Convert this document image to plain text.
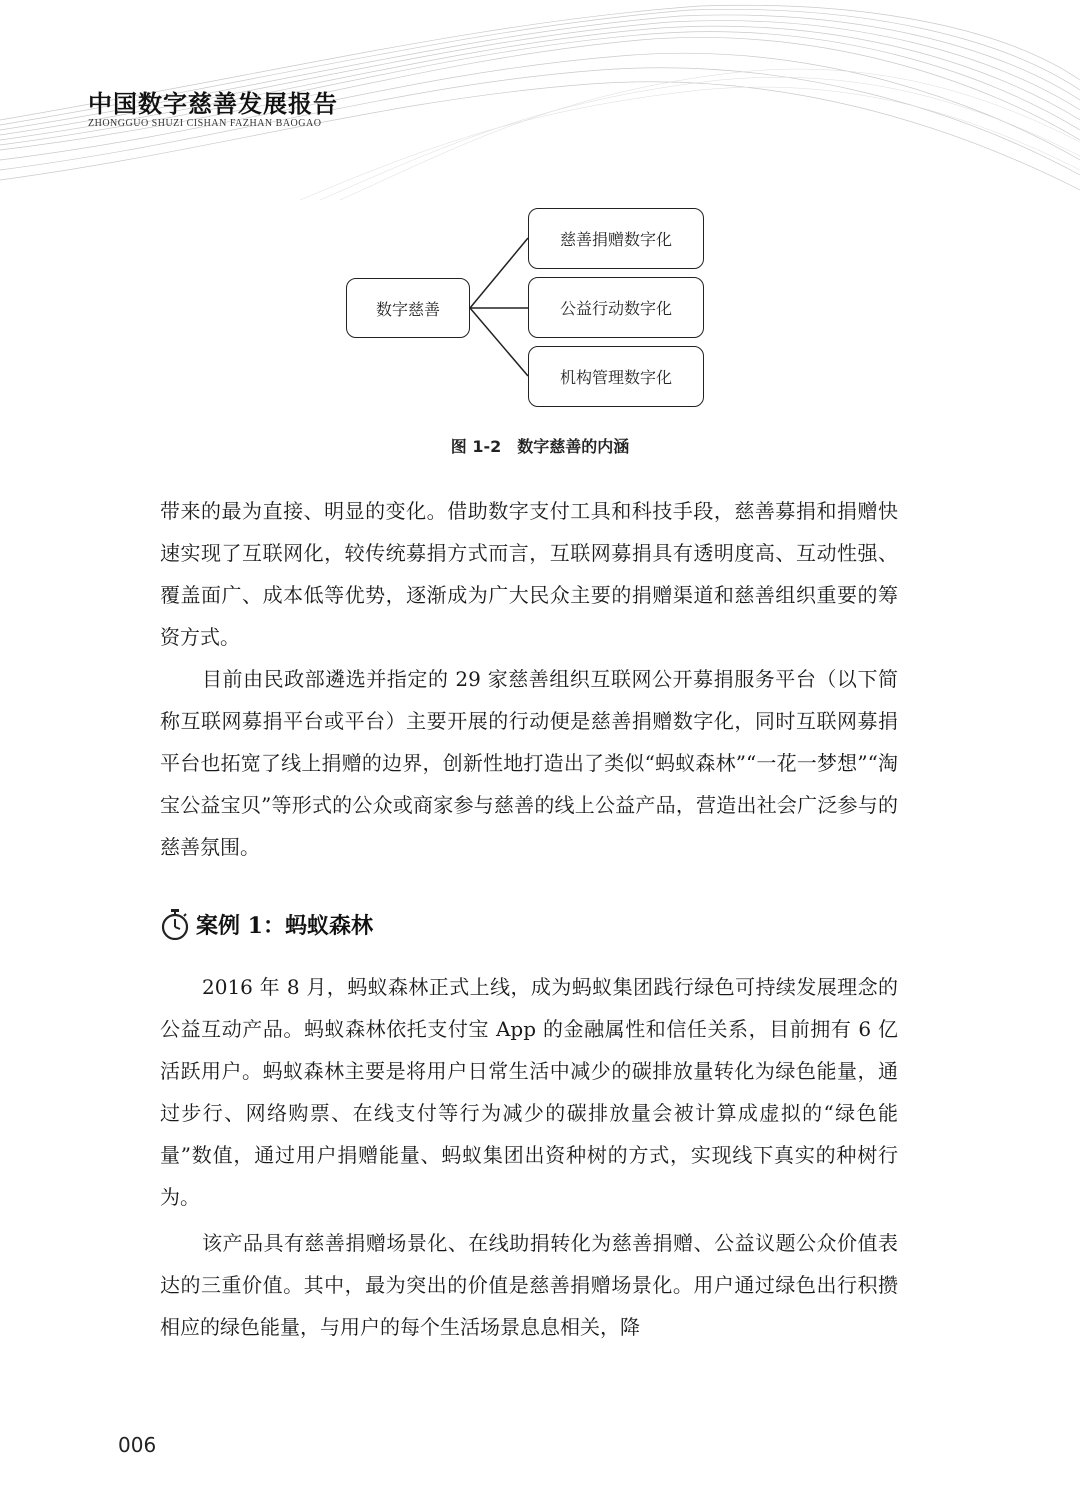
中国数字慈善发展报告
ZHONGGUO SHUZI CISHAN FAZHAN BAOGAO
数字慈善
慈善捐赠数字化
公益行动数字化
机构管理数字化
图 1-2　数字慈善的内涵

带来的最为直接、明显的变化。借助数字支付工具和科技手段，慈善募捐和捐赠快速实现了互联网化，较传统募捐方式而言，互联网募捐具有透明度高、互动性强、覆盖面广、成本低等优势，逐渐成为广大民众主要的捐赠渠道和慈善组织重要的筹资方式。

目前由民政部遴选并指定的 29 家慈善组织互联网公开募捐服务平台（以下简称互联网募捐平台或平台）主要开展的行动便是慈善捐赠数字化，同时互联网募捐平台也拓宽了线上捐赠的边界，创新性地打造出了类似“蚂蚁森林”“一花一梦想”“淘宝公益宝贝”等形式的公众或商家参与慈善的线上公益产品，营造出社会广泛参与的慈善氛围。

案例 1：蚂蚁森林

2016 年 8 月，蚂蚁森林正式上线，成为蚂蚁集团践行绿色可持续发展理念的公益互动产品。蚂蚁森林依托支付宝 App 的金融属性和信任关系，目前拥有 6 亿活跃用户。蚂蚁森林主要是将用户日常生活中减少的碳排放量转化为绿色能量，通过步行、网络购票、在线支付等行为减少的碳排放量会被计算成虚拟的“绿色能量”数值，通过用户捐赠能量、蚂蚁集团出资种树的方式，实现线下真实的种树行为。

该产品具有慈善捐赠场景化、在线助捐转化为慈善捐赠、公益议题公众价值表达的三重价值。其中，最为突出的价值是慈善捐赠场景化。用户通过绿色出行积攒相应的绿色能量，与用户的每个生活场景息息相关，降

006
